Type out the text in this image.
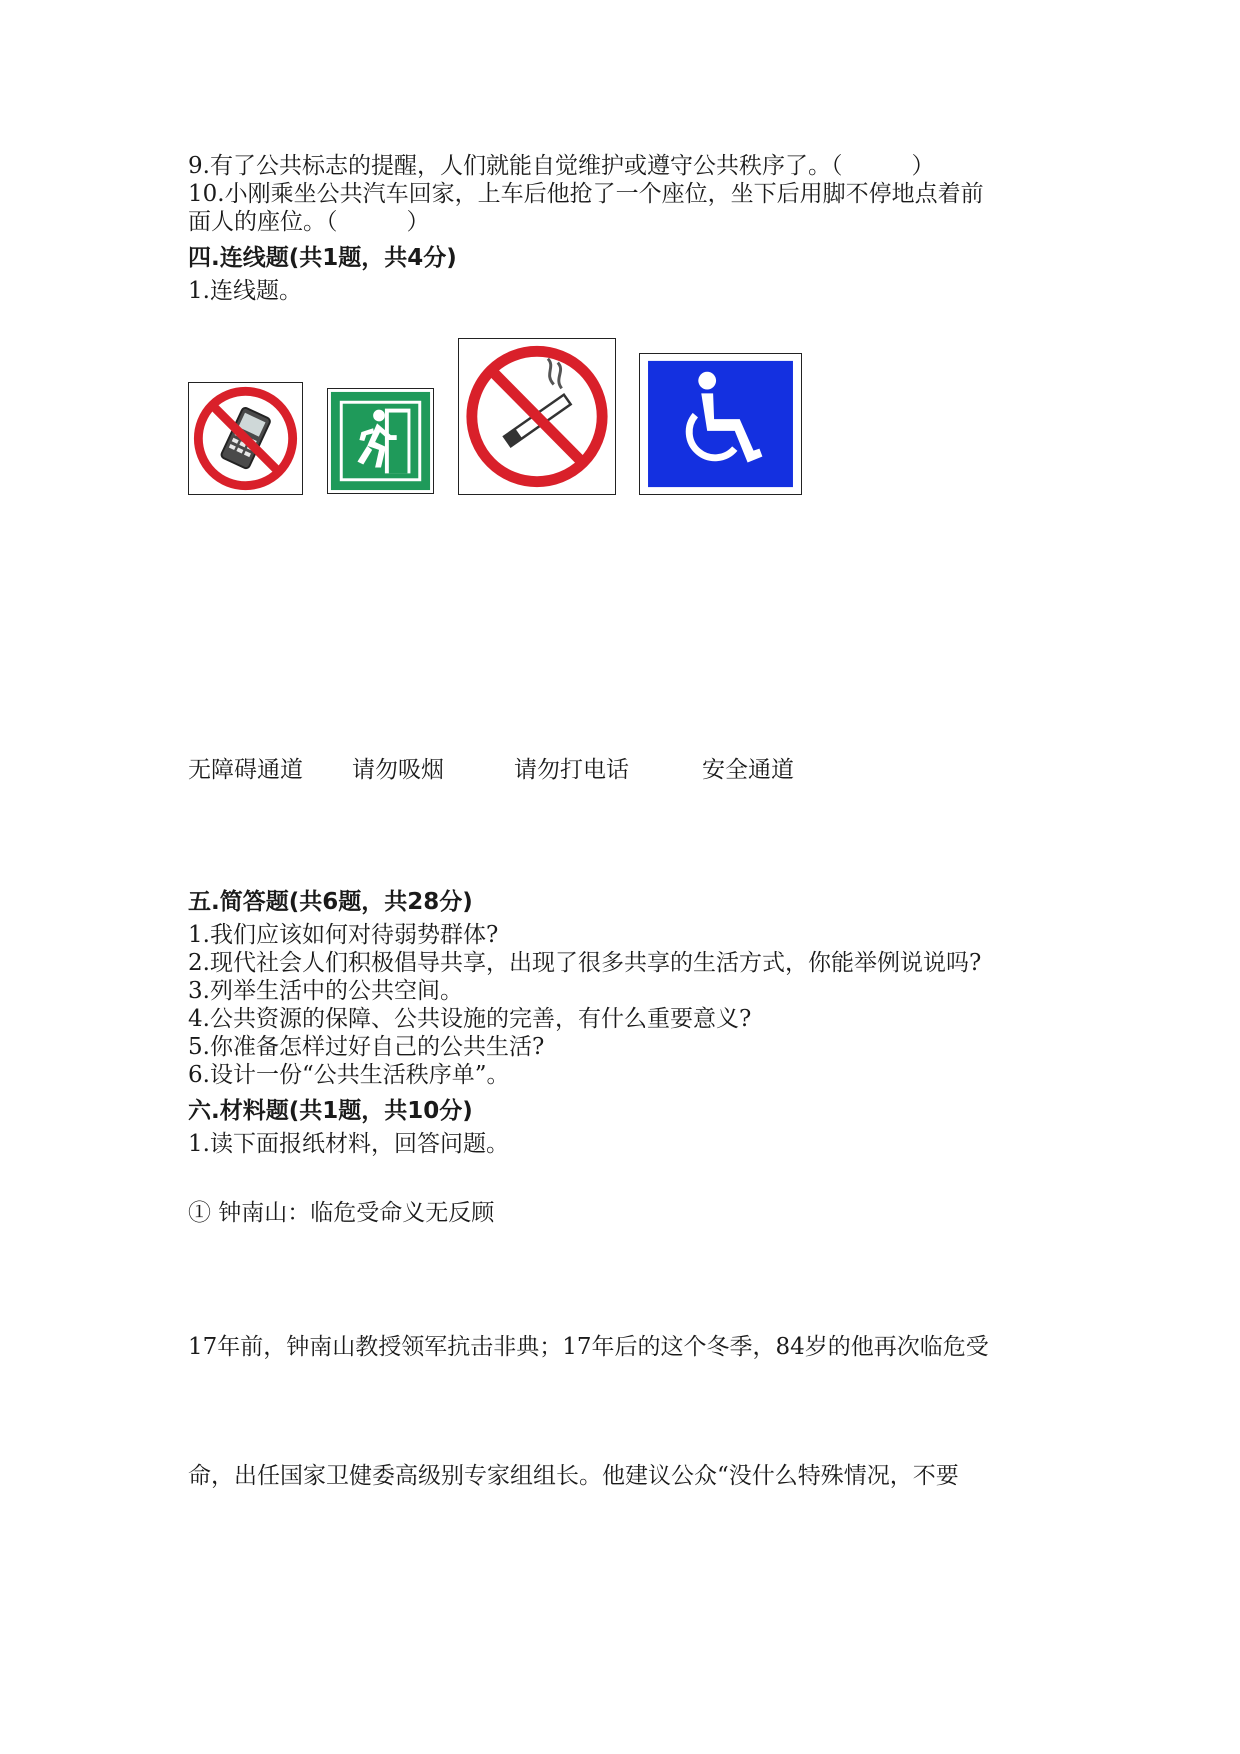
9.有了公共标志的提醒，人们就能自觉维护或遵守公共秩序了。（　　　）
10.小刚乘坐公共汽车回家，上车后他抢了一个座位，坐下后用脚不停地点着前
面人的座位。（　　　）
四.连线题(共1题，共4分)
1.连线题。
无障碍通道 请勿吸烟	请勿打电话	安全通道
五.简答题(共6题，共28分)
1.我们应该如何对待弱势群体?
2.现代社会人们积极倡导共享，出现了很多共享的生活方式，你能举例说说吗?
3.列举生活中的公共空间。
4.公共资源的保障、公共设施的完善，有什么重要意义?
5.你准备怎样过好自己的公共生活?
6.设计一份“公共生活秩序单”。
六.材料题(共1题，共10分)
1.读下面报纸材料，回答问题。
① 钟南山：临危受命义无反顾
17年前，钟南山教授领军抗击非典；17年后的这个冬季，84岁的他再次临危受
命，出任国家卫健委高级别专家组组长。他建议公众“没什么特殊情况，不要
